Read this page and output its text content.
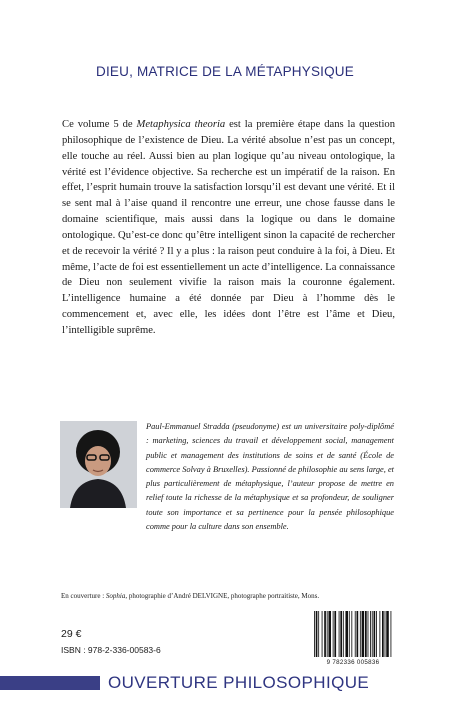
DIEU, MATRICE DE LA MÉTAPHYSIQUE

Ce volume 5 de Metaphysica theoria est la première étape dans la question philosophique de l’existence de Dieu. La vérité absolue n’est pas un concept, elle touche au réel. Aussi bien au plan logique qu’au niveau ontologique, la vérité est l’évidence objective. Sa recherche est un impératif de la raison. En effet, l’esprit humain trouve la satisfaction lorsqu’il est devant une vérité. Et il se sent mal à l’aise quand il rencontre une erreur, une chose fausse dans le domaine scientifique, mais aussi dans la logique ou dans le domaine ontologique. Qu’est-ce donc qu’être intelligent sinon la capacité de rechercher et de recevoir la vérité ? Il y a plus : la raison peut conduire à la foi, à Dieu. Et même, l’acte de foi est essentiellement un acte d’intelligence. La connaissance de Dieu non seulement vivifie la raison mais la couronne également. L’intelligence humaine a été donnée par Dieu à l’homme dès le commencement et, avec elle, les idées dont l’être est l’âme et Dieu, l’intelligible suprême.

Paul-Emmanuel Stradda (pseudonyme) est un universitaire poly-diplômé : marketing, sciences du travail et développement social, management public et management des institutions de soins et de santé (École de commerce Solvay à Bruxelles). Passionné de philosophie au sens large, et plus particulièrement de métaphysique, l’auteur propose de mettre en relief toute la richesse de la métaphysique et sa profondeur, de souligner toute son importance et sa pertinence pour la pensée philosophique comme pour la culture dans son ensemble.

En couverture : Sophia, photographie d’André DELVIGNE, photographe portraitiste, Mons.
29 €
ISBN : 978-2-336-00583-6
9 782336 005836
OUVERTURE PHILOSOPHIQUE
